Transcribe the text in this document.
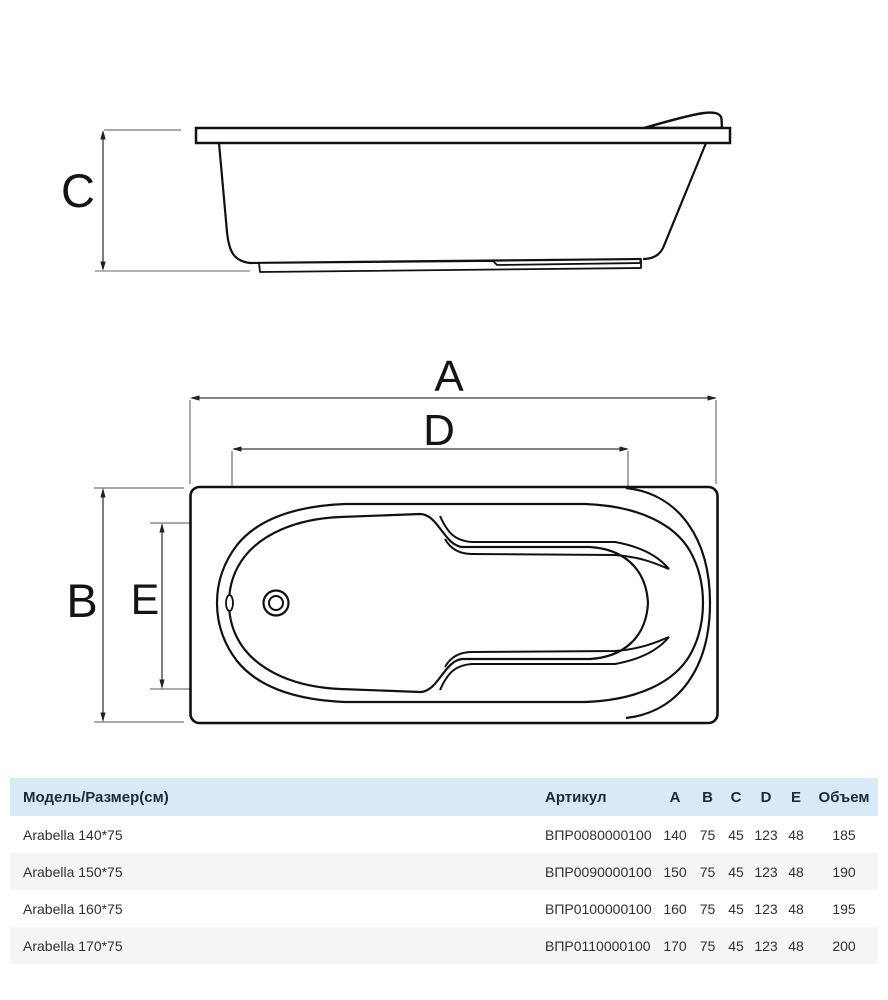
C
A
D
B E
Модель/Размер(см)	Артикул	A	B	C	D	E	Объем
Arabella 140*75	ВПР0080000100	140	75	45	123	48	185
Arabella 150*75	ВПР0090000100	150	75	45	123	48	190
Arabella 160*75	ВПР0100000100	160	75	45	123	48	195
Arabella 170*75	ВПР0110000100	170	75	45	123	48	200
